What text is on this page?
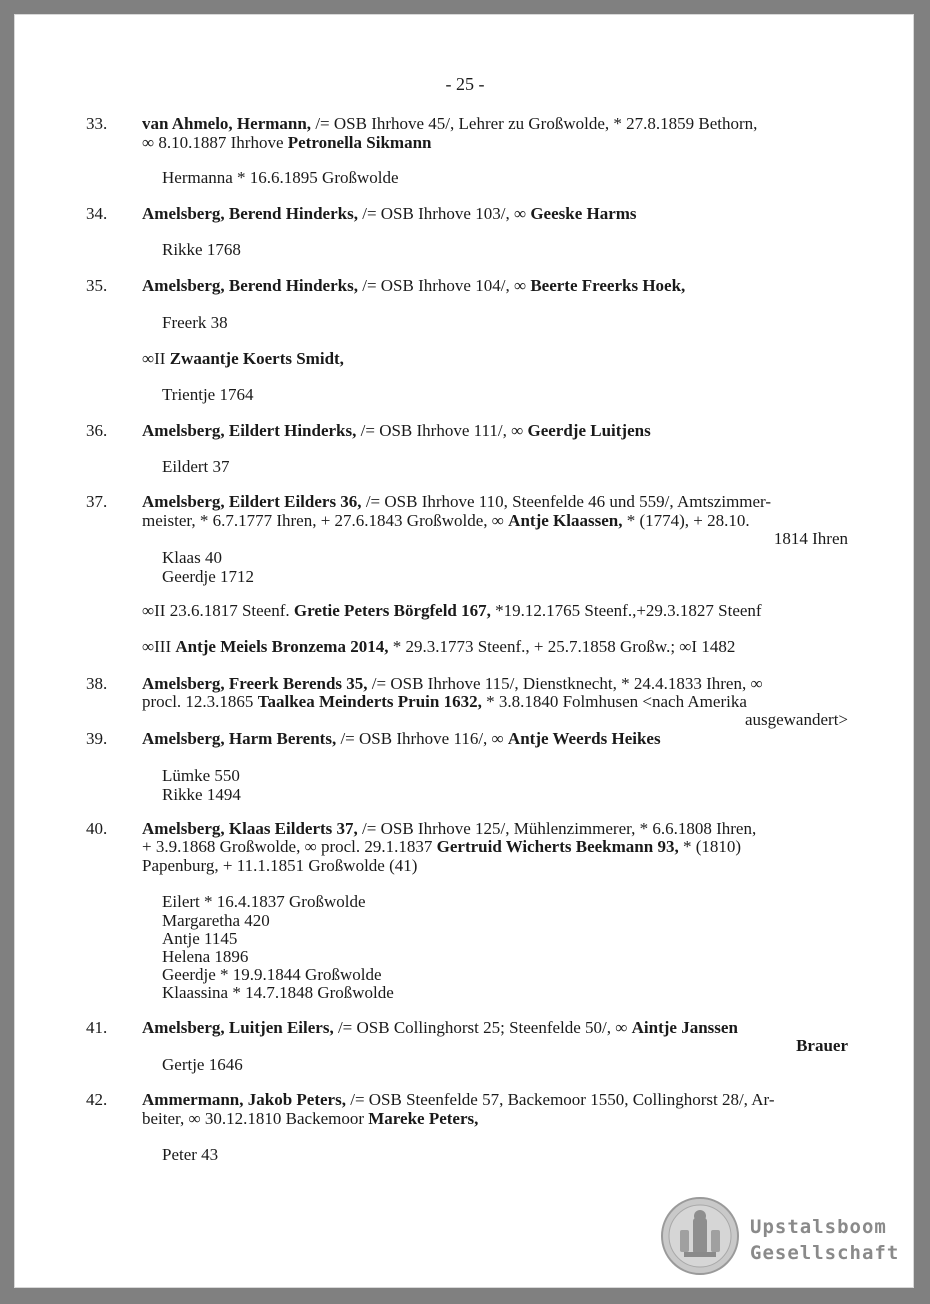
- 25 -
33. van Ahmelo, Hermann, /= OSB Ihrhove 45/, Lehrer zu Großwolde, * 27.8.1859 Bethorn,
∞ 8.10.1887 Ihrhove Petronella Sikmann
Hermanna * 16.6.1895 Großwolde
34. Amelsberg, Berend Hinderks, /= OSB Ihrhove 103/, ∞ Geeske Harms
Rikke 1768
35. Amelsberg, Berend Hinderks, /= OSB Ihrhove 104/, ∞ Beerte Freerks Hoek,
Freerk 38
∞II Zwaantje Koerts Smidt,
Trientje 1764
36. Amelsberg, Eildert Hinderks, /= OSB Ihrhove 111/, ∞ Geerdje Luitjens
Eildert 37
37. Amelsberg, Eildert Eilders 36, /= OSB Ihrhove 110, Steenfelde 46 und 559/, Amtszimmer-
meister, * 6.7.1777 Ihren, + 27.6.1843 Großwolde, ∞ Antje Klaassen, * (1774), + 28.10.
1814 Ihren
Klaas 40
Geerdje 1712
∞II 23.6.1817 Steenf. Gretie Peters Börgfeld 167, *19.12.1765 Steenf.,+29.3.1827 Steenf
∞III Antje Meiels Bronzema 2014, * 29.3.1773 Steenf., + 25.7.1858 Großw.; ∞I 1482
38. Amelsberg, Freerk Berends 35, /= OSB Ihrhove 115/, Dienstknecht, * 24.4.1833 Ihren, ∞
procl. 12.3.1865 Taalkea Meinderts Pruin 1632, * 3.8.1840 Folmhusen <nach Amerika
ausgewandert>
39. Amelsberg, Harm Berents, /= OSB Ihrhove 116/, ∞ Antje Weerds Heikes
Lümke 550
Rikke 1494
40. Amelsberg, Klaas Eilderts 37, /= OSB Ihrhove 125/, Mühlenzimmerer, * 6.6.1808 Ihren,
+ 3.9.1868 Großwolde, ∞ procl. 29.1.1837 Gertruid Wicherts Beekmann 93, * (1810)
Papenburg, + 11.1.1851 Großwolde (41)
Eilert * 16.4.1837 Großwolde
Margaretha 420
Antje 1145
Helena 1896
Geerdje * 19.9.1844 Großwolde
Klaassina * 14.7.1848 Großwolde
41. Amelsberg, Luitjen Eilers, /= OSB Collinghorst 25; Steenfelde 50/, ∞ Aintje Janssen
Brauer
Gertje 1646
42. Ammermann, Jakob Peters, /= OSB Steenfelde 57, Backemoor 1550, Collinghorst 28/, Ar-
beiter, ∞ 30.12.1810 Backemoor Mareke Peters,
Peter 43
Upstalsboom
Gesellschaft
